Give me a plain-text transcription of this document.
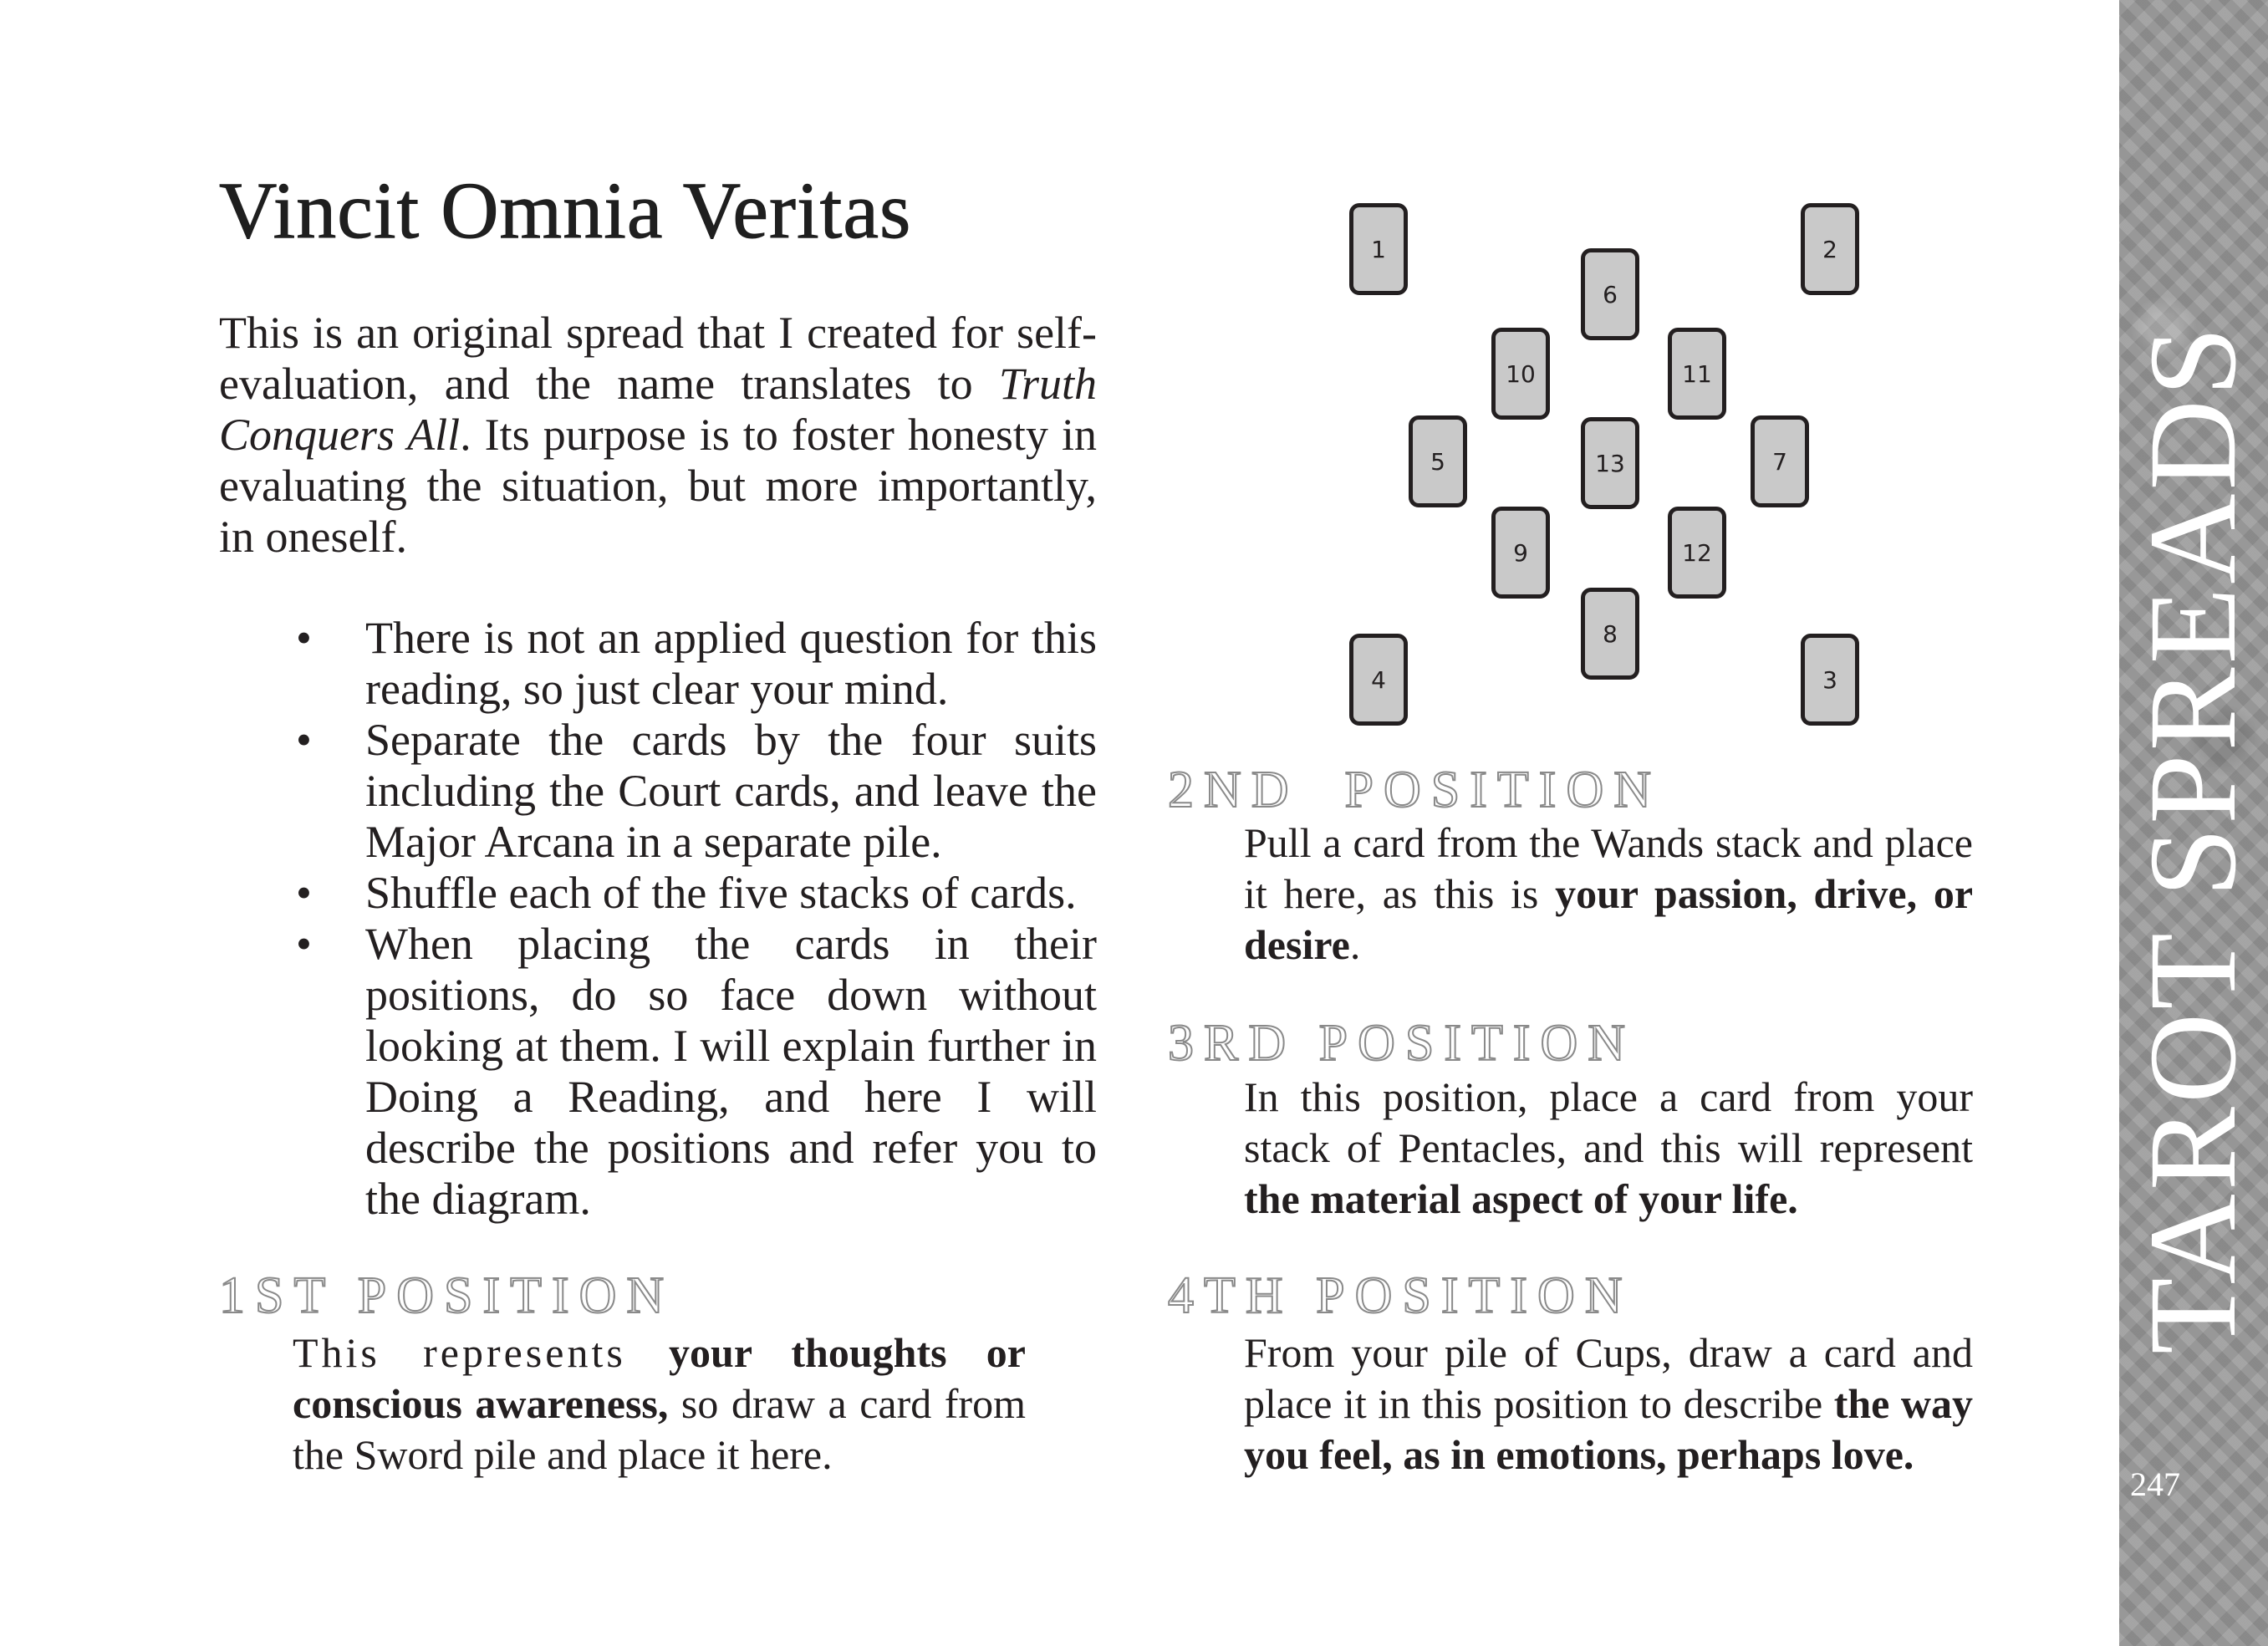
Vincit Omnia Veritas

This is an original spread that I created for self-evaluation, and the name translates to Truth Conquers All. Its purpose is to foster honesty in evaluating the situation, but more importantly, in oneself.

•	There is not an applied question for this reading, so just clear your mind.
•	Separate the cards by the four suits including the Court cards, and leave the Major Arcana in a separate pile.
•	Shuffle each of the five stacks of cards.
•	When placing the cards in their positions, do so face down without looking at them. I will explain further in Doing a Reading, and here I will describe the positions and refer you to the diagram.
1ST POSITION

This represents your thoughts or conscious awareness, so draw a card from the Sword pile and place it here.

1	2
3
4
5
6
7
8
9
10	11
12
13
2ND  POSITION

Pull a card from the Wands stack and place it here, as this is your passion, drive, or desire.

3RD POSITION

In this position, place a card from your stack of Pentacles, and this will represent the material aspect of your life.

4TH POSITION

From your pile of Cups, draw a card and place it in this position to describe the way you feel, as in emotions, perhaps love.

TAROT SPREADS
247
